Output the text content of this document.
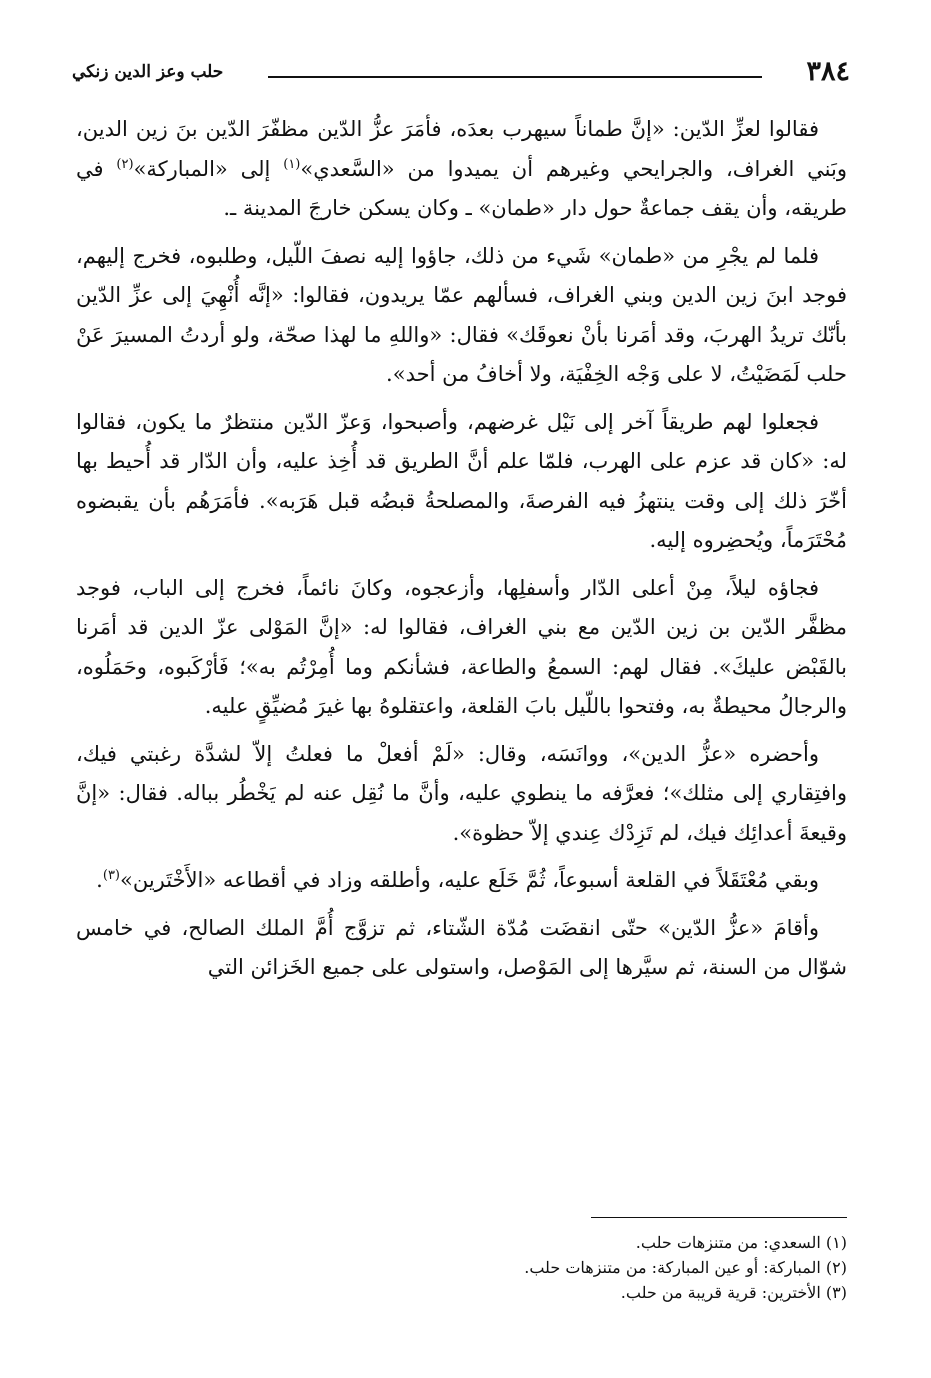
٣٨٤
حلب وعز الدين زنكي

فقالوا لعزِّ الدّين: «إنَّ طماناً سيهرب بعدَه، فأمَرَ عزُّ الدّين مظفّرَ الدّين بنَ زين الدين، وبَني الغراف، والجرايحي وغيرهم أن يميدوا من «السَّعدي»$^{(١)}$ إلى «المباركة»$^{(٢)}$ في طريقه، وأن يقف جماعةٌ حول دار «طمان» ـ وكان يسكن خارجَ المدينة ـ.

فلما لم يجْرِ من «طمان» شَيء من ذلك، جاؤوا إليه نصفَ اللّيل، وطلبوه، فخرج إليهم، فوجد ابنَ زين الدين وبني الغراف، فسألهم عمّا يريدون، فقالوا: «إنَّه أُنْهِيَ إلى عزِّ الدّين بأنّك تريدُ الهربَ، وقد أمَرنا بأنْ نعوقَك» فقال: «واللهِ ما لهذا صحّة، ولو أردتُ المسيرَ عَنْ حلب لَمَضَيْتُ، لا على وَجْه الخِفْيَة، ولا أخافُ من أحد».

فجعلوا لهم طريقاً آخر إلى نَيْل غرضهم، وأصبحوا، وَعزّ الدّين منتظرٌ ما يكون، فقالوا له: «كان قد عزم على الهرب، فلمّا علم أنَّ الطريق قد أُخِذ عليه، وأن الدّار قد أُحيط بها أخّرَ ذلك إلى وقت ينتهزُ فيه الفرصةَ، والمصلحةُ قبضُه قبل هَرَبه». فأمَرَهُم بأن يقبضوه مُحْتَرَماً، ويُحضِروه إليه.

فجاؤه ليلاً، مِنْ أعلى الدّار وأسفلِها، وأزعجوه، وكانَ نائماً، فخرج إلى الباب، فوجد مظفَّر الدّين بن زين الدّين مع بني الغراف، فقالوا له: «إنَّ المَوْلى عزّ الدين قد أمَرنا بالقَبْض عليكَ». فقال لهم: السمعُ والطاعة، فشأنكم وما أُمِرْتُم به»؛ فَأرْكَبوه، وحَمَلُوه، والرجالُ محيطةٌ به، وفتحوا باللّيل بابَ القلعة، واعتقلوهُ بها غيرَ مُضيِّقٍ عليه.

وأحضره «عزُّ الدين»، ووانَسَه، وقال: «لَمْ أفعلْ ما فعلتُ إلاّ لشدَّة رغبتي فيك، وافتِقاري إلى مثلك»؛ فعرَّفه ما ينطوي عليه، وأنَّ ما نُقِل عنه لم يَخْطُر بباله. فقال: «إنَّ وقيعةَ أعدائِك فيك، لم تَزِدْك عِندي إلاّ حظوة».

وبقي مُعْتَقَلاً في القلعة أسبوعاً، ثُمَّ خَلَع عليه، وأطلقه وزاد في أقطاعه «الأَخْتَرين»$^{(٣)}$.

وأقامَ «عزُّ الدّين» حتّى انقضَت مُدّة الشّتاء، ثم تزوَّج أُمَّ الملك الصالح، في خامس شوّال من السنة، ثم سيَّرها إلى المَوْصل، واستولى على جميع الخَزائن التي

(١) السعدي: من متنزهات حلب.

(٢) المباركة: أو عين المباركة: من متنزهات حلب.

(٣) الأخترين: قرية قريبة من حلب.
